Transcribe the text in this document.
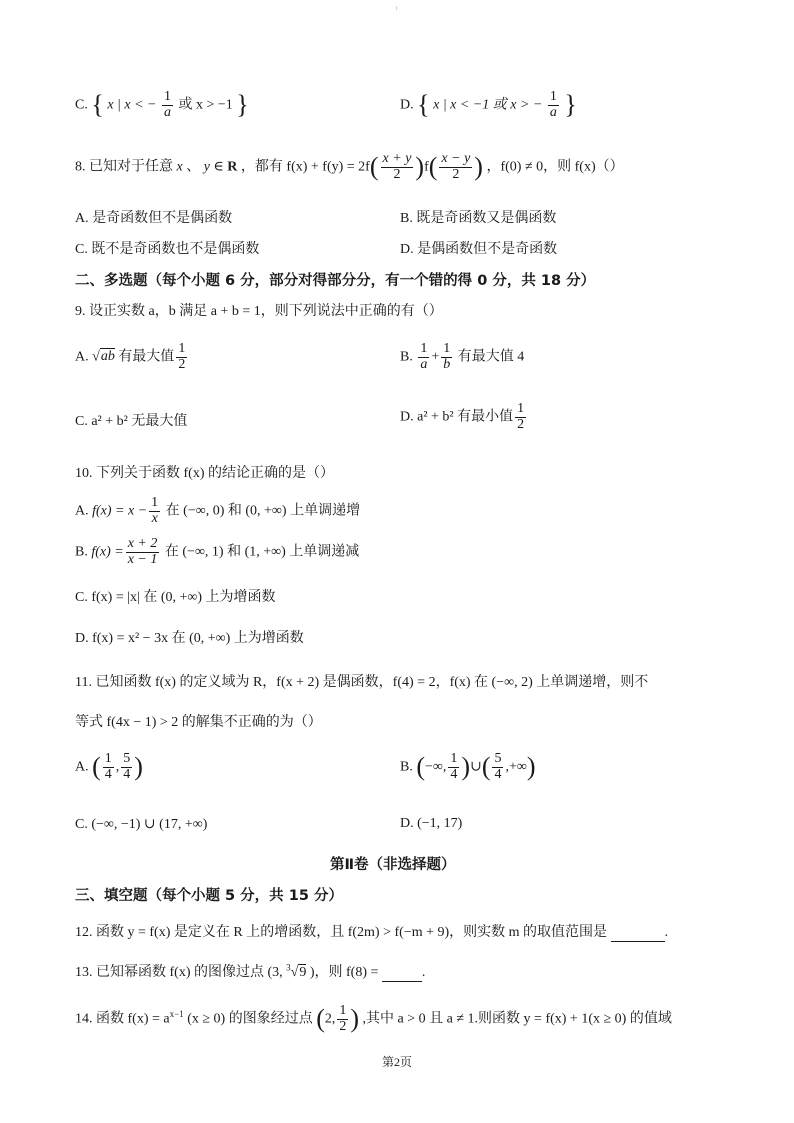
i
C. { x | x < − $\frac{1}{a}$ 或 x > −1 }	D. { x | x < −1 或 x > − $\frac{1}{a}$ }
8. 已知对于任意 x 、 y ∈ R ，都有 $f(x) + f(y) = 2f( \frac{x + y}{2} )f( \frac{x - y}{2}$ ) ，f(0) ≠ 0，则 f(x)（）
A. 是奇函数但不是偶函数	B. 既是奇函数又是偶函数
C. 既不是奇函数也不是偶函数	D. 是偶函数但不是奇函数
二、多选题（每个小题 6 分，部分对得部分分，有一个错的得 0 分，共 18 分）
9. 设正实数 a，b 满足 a + b = 1，则下列说法中正确的有（）
A. √ab 有最大值 $\frac{1}{2}$	B. $\frac{1}{a} + \frac{1}{b}$ 有最大值 4
C. a² + b² 无最大值	D. a² + b² 有最小值 $\frac{1}{2}$
10. 下列关于函数 f(x) 的结论正确的是（）
A. $f(x) = x - \frac{1}{x}$ 在 (−∞, 0) 和 (0, +∞) 上单调递增
B. $f(x) = \frac{x + 2}{x - 1}$ 在 (−∞, 1) 和 (1, +∞) 上单调递减
C. f(x) = |x| 在 (0, +∞) 上为增函数
D. f(x) = x² − 3x 在 (0, +∞) 上为增函数
11. 已知函数 f(x) 的定义域为 R，f(x + 2) 是偶函数，f(4) = 2，f(x) 在 (−∞, 2) 上单调递增，则不
等式 f(4x − 1) > 2 的解集不正确的为（）
A. ( $\frac{1}{4}$ , $\frac{5}{4}$ )	B. (−∞, $\frac{1}{4}$ )∪( $\frac{5}{4}$ ,+∞)
C. (−∞, −1) ∪ (17, +∞)	D. (−1, 17)
第Ⅱ卷（非选择题）
三、填空题（每个小题 5 分，共 15 分）
12. 函数 y = f(x) 是定义在 R 上的增函数，且 f(2m) > f(−m + 9)，则实数 m 的取值范围是	.
13. 已知幂函数 f(x) 的图像过点 (3, $^3$√9 )，则 f(8) =	.
14. 函数 $f(x) = a^{x-1}$ (x ≥ 0) 的图象经过点 (2, $\frac{1}{2}$ ) ,其中 a > 0 且 a ≠ 1.则函数 y = f(x) + 1(x ≥ 0) 的值域
第2页
